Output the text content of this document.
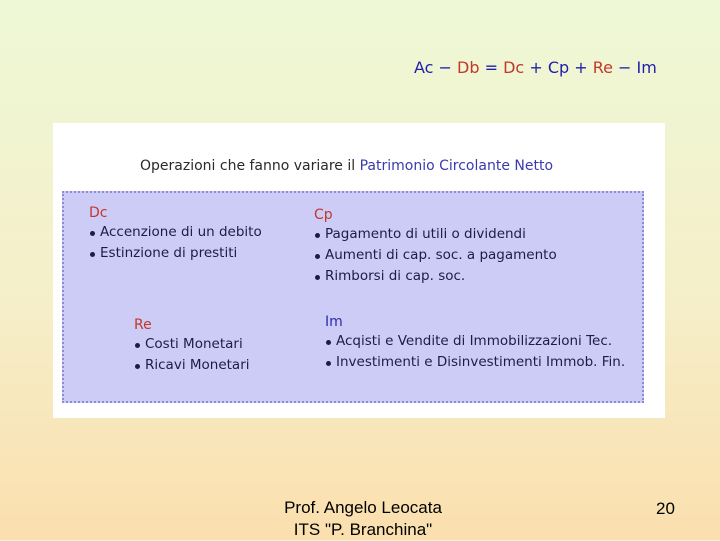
Ac − Db = Dc + Cp + Re − Im
Operazioni che fanno variare il Patrimonio Circolante Netto
Dc
Accenzione di un debito
Estinzione di prestiti
Cp
Pagamento di utili o dividendi
Aumenti di cap. soc. a pagamento
Rimborsi di cap. soc.
Re
Costi Monetari
Ricavi Monetari
Im
Acqisti e Vendite di Immobilizzazioni Tec.
Investimenti e Disinvestimenti Immob. Fin.
Prof. Angelo Leocata
ITS "P. Branchina"
20
